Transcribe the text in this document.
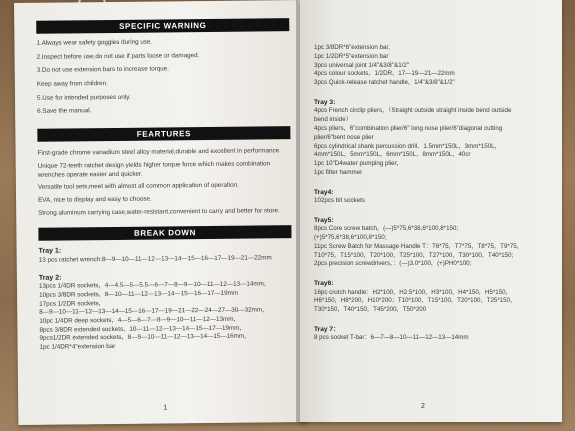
SPECIFIC WARNING
1.Always wear safety goggles during use.
2.Inspect before use,do not use if parts loose or damaged.
3.Do not use extension bars to increase torque.
Keep away from children.
5.Use for intended purposes only.
6.Save the manual.
FEARTURES
First-grade chrome vanadium steel alloy material,durable and excellent in performance.
Unique 72-teeth ratchet design yields higher torque force which makes combination
wrenches operate easier and quicker.
Versatile tool sets,meet with almost all common application of operation.
EVA, nice to display and easy to choose.
Strong aluminum carrying case,water-resistant,convenient to carry and better for store.
BREAK DOWN
Tray 1:
13 pcs ratchet wrench:8—9—10—11—12—13—14—15—16—17—19—21—22mm
Tray 2:
13pcs 1/4DR sockets，4—4.5—5—5.5—6—7—8—9—10—11—12—13—14mm，
10pcs 3/8DR sockets，8—10—11—12—13—14—15—16—17—19mm
17pcs 1/2DR sockets，
8—9—10—11—12—13—14—15—16—17—19—21—22—24—27—30—32mm，
10pc 1/4DR deep sockets，4—5—6—7—8—9—10—11—12—13mm，
8pcs 3/8DR extended sockets，10—11—12—13—14—15—17—19mm，
9pcs1/2DR extended sockets，8—9—10—11—12—13—14—15—16mm，
1pc 1/4DR*4"extension bar
1
1pc 3/8DR*6"extension bar,
1pc 1/2DR*5"extension bar
3pcs universal joint 1/4"&3/8"&1/2"
4pcs colour sockets，1/2DR，17—19—21—22mm
3pcs Quick-release ratchet handle，1/4"&3/8"&1/2"
Tray 3:
4pcs French circlip pliers，（Straight outside straight inside bend outside
bend inside）
4pcs pliers，6"combination plier/6" long nose plier/6"diagonal cutting
plier/6"bent nose plier
6pcs cylindrical shank percussion drill，1.5mm*150L，3mm*150L，
4mm*150L，5mm*150L，6mm*150L，8mm*150L，40cr
1pc 10"D4water pumping plier，
1pc fitter hammer
Tray4:
102pcs bit sockets
Tray5:
8pcs Core screw batch，(—)5*75,6*38,6*100,8*150;
(+)5*75,6*38,6*100,8*150;
11pc Screw Batch for Massage Handle T：T6*75，T7*75，T8*75，T9*75，
T10*75，T15*100，T20*100，T25*100，T27*100，T30*100，T40*150;
2pcs precision screwdrivers，：(—)3.0*100，(+)PH0*100;
Tray6:
16pc crutch handle：H2*100，H2.5*100，H3*100，H4*150，H5*150，
H6*150，H8*200，H10*200；T10*100，T15*100，T20*100，T25*150，
T30*150，T40*150，T45*200，T50*200
Tray 7：
8 pcs socket T-bar：6—7—8—10—11—12—13—14mm
2
